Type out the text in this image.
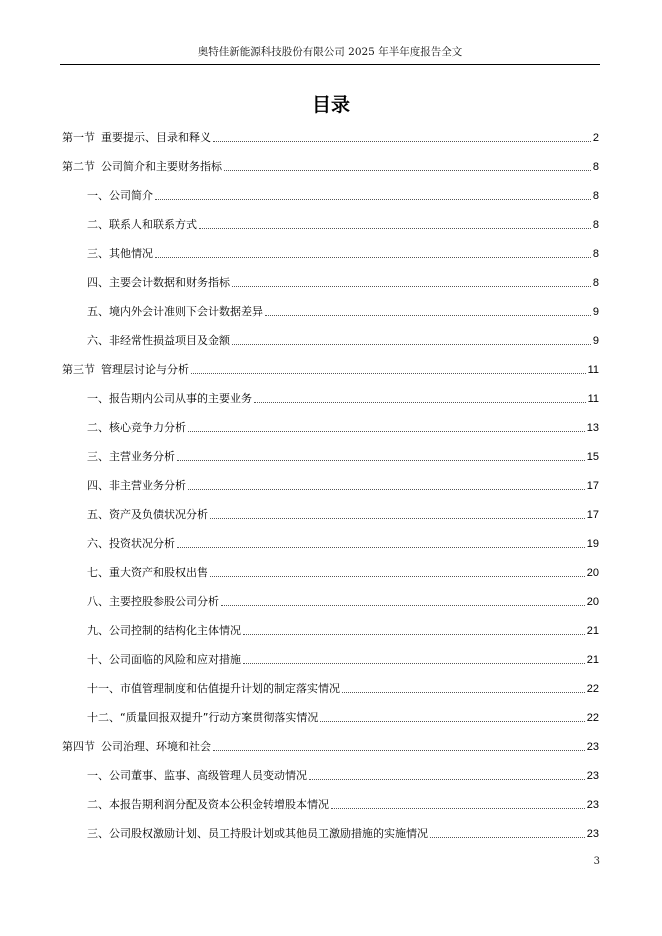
奥特佳新能源科技股份有限公司 2025 年半年度报告全文
目录
第一节 重要提示、目录和释义	2
第二节 公司简介和主要财务指标	8
一、公司简介	8
二、联系人和联系方式	8
三、其他情况	8
四、主要会计数据和财务指标	8
五、境内外会计准则下会计数据差异	9
六、非经常性损益项目及金额	9
第三节 管理层讨论与分析	11
一、报告期内公司从事的主要业务	11
二、核心竞争力分析	13
三、主营业务分析	15
四、非主营业务分析	17
五、资产及负债状况分析	17
六、投资状况分析	19
七、重大资产和股权出售	20
八、主要控股参股公司分析	20
九、公司控制的结构化主体情况	21
十、公司面临的风险和应对措施	21
十一、市值管理制度和估值提升计划的制定落实情况	22
十二、“质量回报双提升”行动方案贯彻落实情况	22
第四节 公司治理、环境和社会	23
一、公司董事、监事、高级管理人员变动情况	23
二、本报告期利润分配及资本公积金转增股本情况	23
三、公司股权激励计划、员工持股计划或其他员工激励措施的实施情况	23
3
